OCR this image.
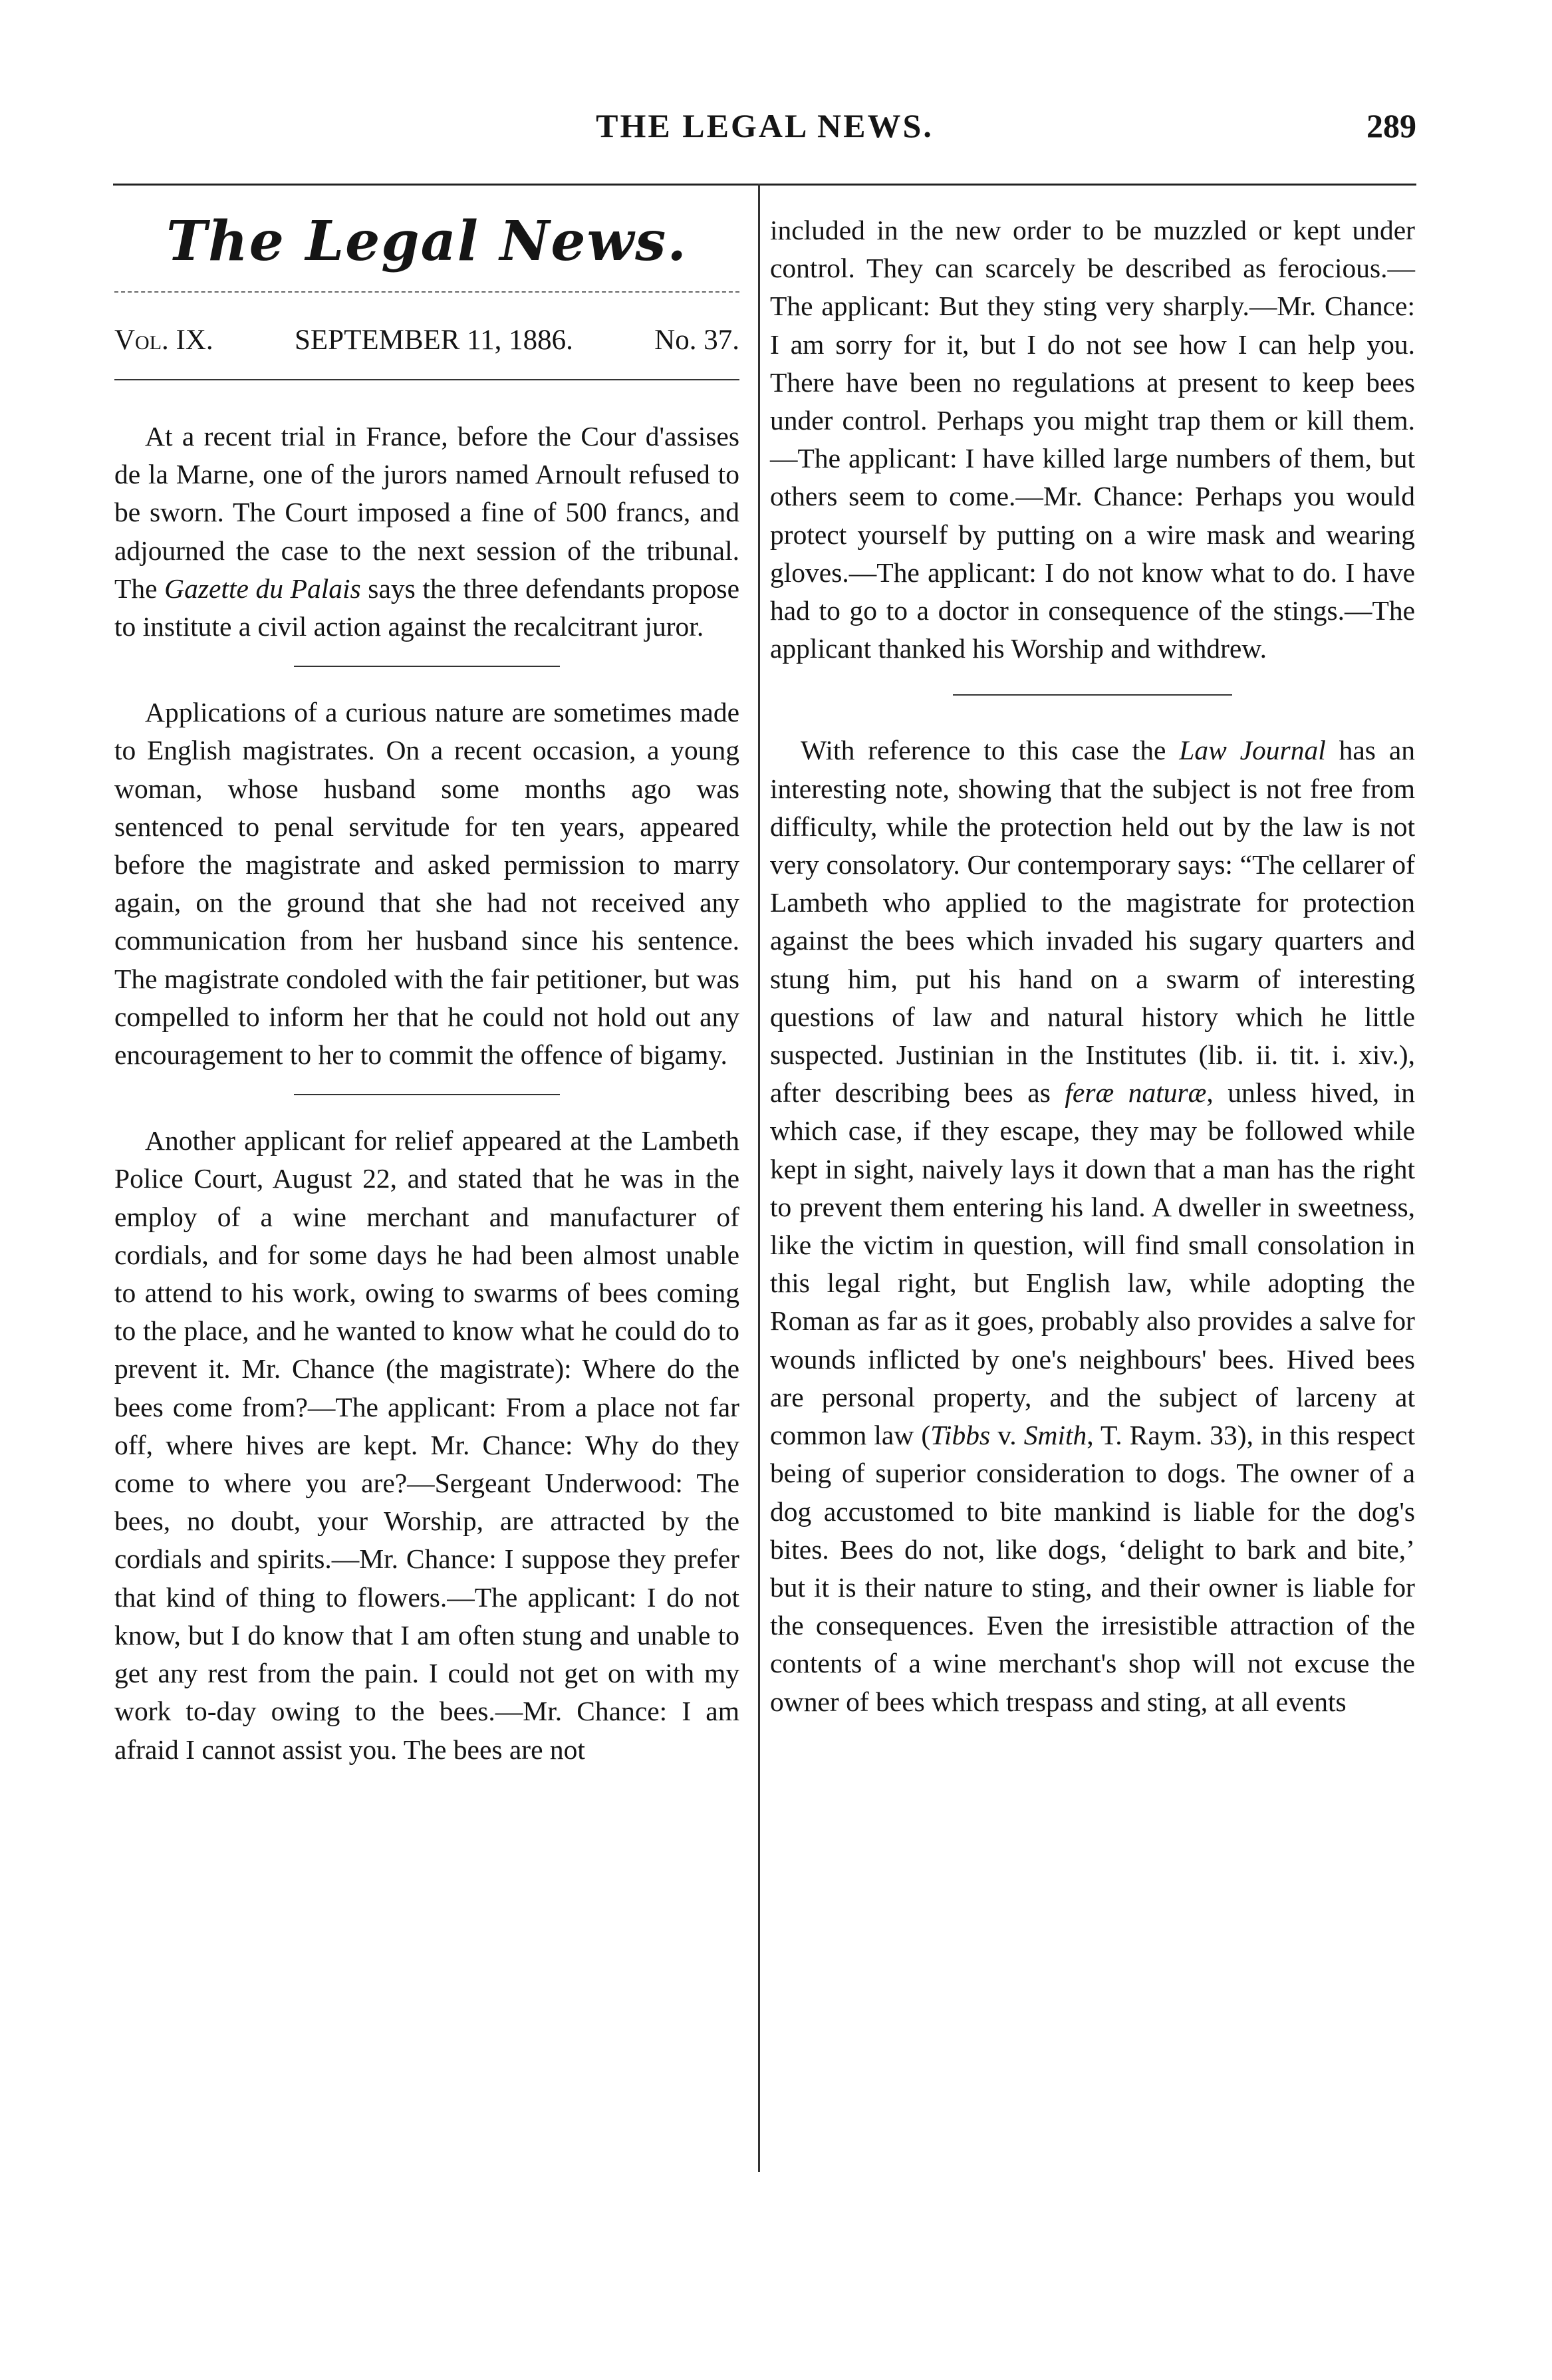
THE LEGAL NEWS.	289
The Legal News.
Vol. IX.	SEPTEMBER 11, 1886.	No. 37.

At a recent trial in France, before the Cour d'assises de la Marne, one of the jurors named Arnoult refused to be sworn. The Court imposed a fine of 500 francs, and adjourned the case to the next session of the tribunal. The Gazette du Palais says the three defendants propose to institute a civil action against the recalcitrant juror.

Applications of a curious nature are sometimes made to English magistrates. On a recent occasion, a young woman, whose husband some months ago was sentenced to penal servitude for ten years, appeared before the magistrate and asked permission to marry again, on the ground that she had not received any communication from her husband since his sentence. The magistrate condoled with the fair petitioner, but was compelled to inform her that he could not hold out any encouragement to her to commit the offence of bigamy.

Another applicant for relief appeared at the Lambeth Police Court, August 22, and stated that he was in the employ of a wine merchant and manufacturer of cordials, and for some days he had been almost unable to attend to his work, owing to swarms of bees coming to the place, and he wanted to know what he could do to prevent it. Mr. Chance (the magistrate): Where do the bees come from?—The applicant: From a place not far off, where hives are kept. Mr. Chance: Why do they come to where you are?—Sergeant Underwood: The bees, no doubt, your Worship, are attracted by the cordials and spirits.—Mr. Chance: I suppose they prefer that kind of thing to flowers.—The applicant: I do not know, but I do know that I am often stung and unable to get any rest from the pain. I could not get on with my work to-day owing to the bees.—Mr. Chance: I am afraid I cannot assist you. The bees are not

included in the new order to be muzzled or kept under control. They can scarcely be described as ferocious.—The applicant: But they sting very sharply.—Mr. Chance: I am sorry for it, but I do not see how I can help you. There have been no regulations at present to keep bees under control. Perhaps you might trap them or kill them.—The applicant: I have killed large numbers of them, but others seem to come.—Mr. Chance: Perhaps you would protect yourself by putting on a wire mask and wearing gloves.—The applicant: I do not know what to do. I have had to go to a doctor in consequence of the stings.—The applicant thanked his Worship and withdrew.

With reference to this case the Law Journal has an interesting note, showing that the subject is not free from difficulty, while the protection held out by the law is not very consolatory. Our contemporary says: “The cellarer of Lambeth who applied to the magistrate for protection against the bees which invaded his sugary quarters and stung him, put his hand on a swarm of interesting questions of law and natural history which he little suspected. Justinian in the Institutes (lib. ii. tit. i. xiv.), after describing bees as feræ naturæ, unless hived, in which case, if they escape, they may be followed while kept in sight, naively lays it down that a man has the right to prevent them entering his land. A dweller in sweetness, like the victim in question, will find small consolation in this legal right, but English law, while adopting the Roman as far as it goes, probably also provides a salve for wounds inflicted by one's neighbours' bees. Hived bees are personal property, and the subject of larceny at common law (Tibbs v. Smith, T. Raym. 33), in this respect being of superior consideration to dogs. The owner of a dog accustomed to bite mankind is liable for the dog's bites. Bees do not, like dogs, ‘delight to bark and bite,’ but it is their nature to sting, and their owner is liable for the consequences. Even the irresistible attraction of the contents of a wine merchant's shop will not excuse the owner of bees which trespass and sting, at all events
